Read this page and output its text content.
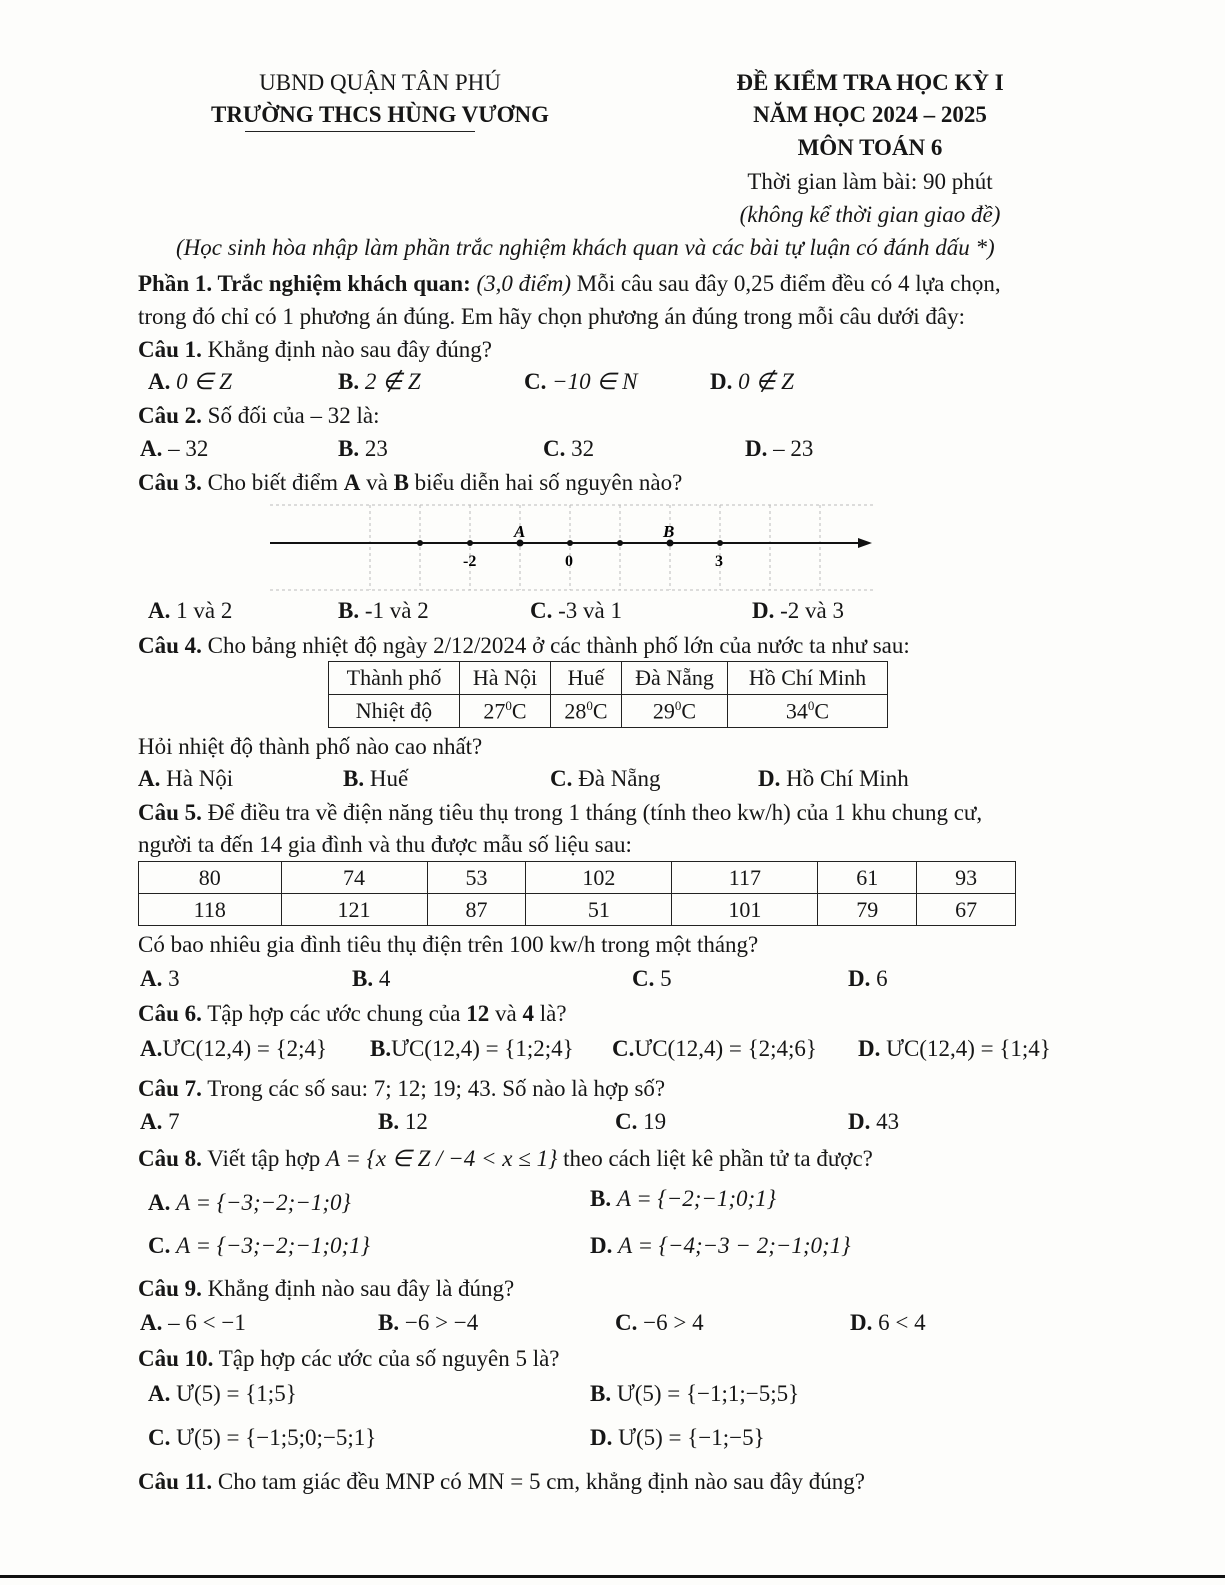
UBND QUẬN TÂN PHÚ
TRƯỜNG THCS HÙNG VƯƠNG
ĐỀ KIỂM TRA HỌC KỲ I
NĂM HỌC 2024 – 2025
MÔN TOÁN 6
Thời gian làm bài: 90 phút
(không kể thời gian giao đề)
(Học sinh hòa nhập làm phần trắc nghiệm khách quan và các bài tự luận có đánh dấu *)
Phần 1. Trắc nghiệm khách quan: (3,0 điểm) Mỗi câu sau đây 0,25 điểm đều có 4 lựa chọn,
trong đó chỉ có 1 phương án đúng. Em hãy chọn phương án đúng trong mỗi câu dưới đây:
Câu 1. Khẳng định nào sau đây đúng?
A. 0 ∈ Z	B. 2 ∉ Z	C. −10 ∈ N	D. 0 ∉ Z
Câu 2. Số đối của – 32 là:
A. – 32	B. 23	C. 32	D. – 23
Câu 3. Cho biết điểm A và B biểu diễn hai số nguyên nào?
A	B
-2	0	3
A. 1 và 2	B. -1 và 2	C. -3 và 1	D. -2 và 3
Câu 4. Cho bảng nhiệt độ ngày 2/12/2024 ở các thành phố lớn của nước ta như sau:
Thành phố	Hà Nội	Huế	Đà Nẵng	Hồ Chí Minh
Nhiệt độ	$27^0C$	$28^0C$	$29^0C$	$34^0C$
Hỏi nhiệt độ thành phố nào cao nhất?
A. Hà Nội	B. Huế	C. Đà Nẵng	D. Hồ Chí Minh
Câu 5. Để điều tra về điện năng tiêu thụ trong 1 tháng (tính theo kw/h) của 1 khu chung cư,
người ta đến 14 gia đình và thu được mẫu số liệu sau:
80	74	53	102	117	61	93
118	121	87	51	101	79	67
Có bao nhiêu gia đình tiêu thụ điện trên 100 kw/h trong một tháng?
A. 3	B. 4	C. 5	D. 6
Câu 6. Tập hợp các ước chung của 12 và 4 là?
A.ƯC(12,4) = {2;4} B.ƯC(12,4) = {1;2;4} C.ƯC(12,4) = {2;4;6} D. ƯC(12,4) = {1;4}
Câu 7. Trong các số sau: 7; 12; 19; 43. Số nào là hợp số?
A. 7	B. 12	C. 19	D. 43
Câu 8. Viết tập hợp A = {x ∈ Z / −4 < x ≤ 1} theo cách liệt kê phần tử ta được?
A. A = {−3;−2;−1;0}	B. A = {−2;−1;0;1}
C. A = {−3;−2;−1;0;1}	D. A = {−4;−3 − 2;−1;0;1}
Câu 9. Khẳng định nào sau đây là đúng?
A. – 6 < −1	B. −6 > −4	C. −6 > 4	D. 6 < 4
Câu 10. Tập hợp các ước của số nguyên 5 là?
A. Ư(5) = {1;5}	B. Ư(5) = {−1;1;−5;5}
C. Ư(5) = {−1;5;0;−5;1}	D. Ư(5) = {−1;−5}
Câu 11. Cho tam giác đều MNP có MN = 5 cm, khẳng định nào sau đây đúng?
